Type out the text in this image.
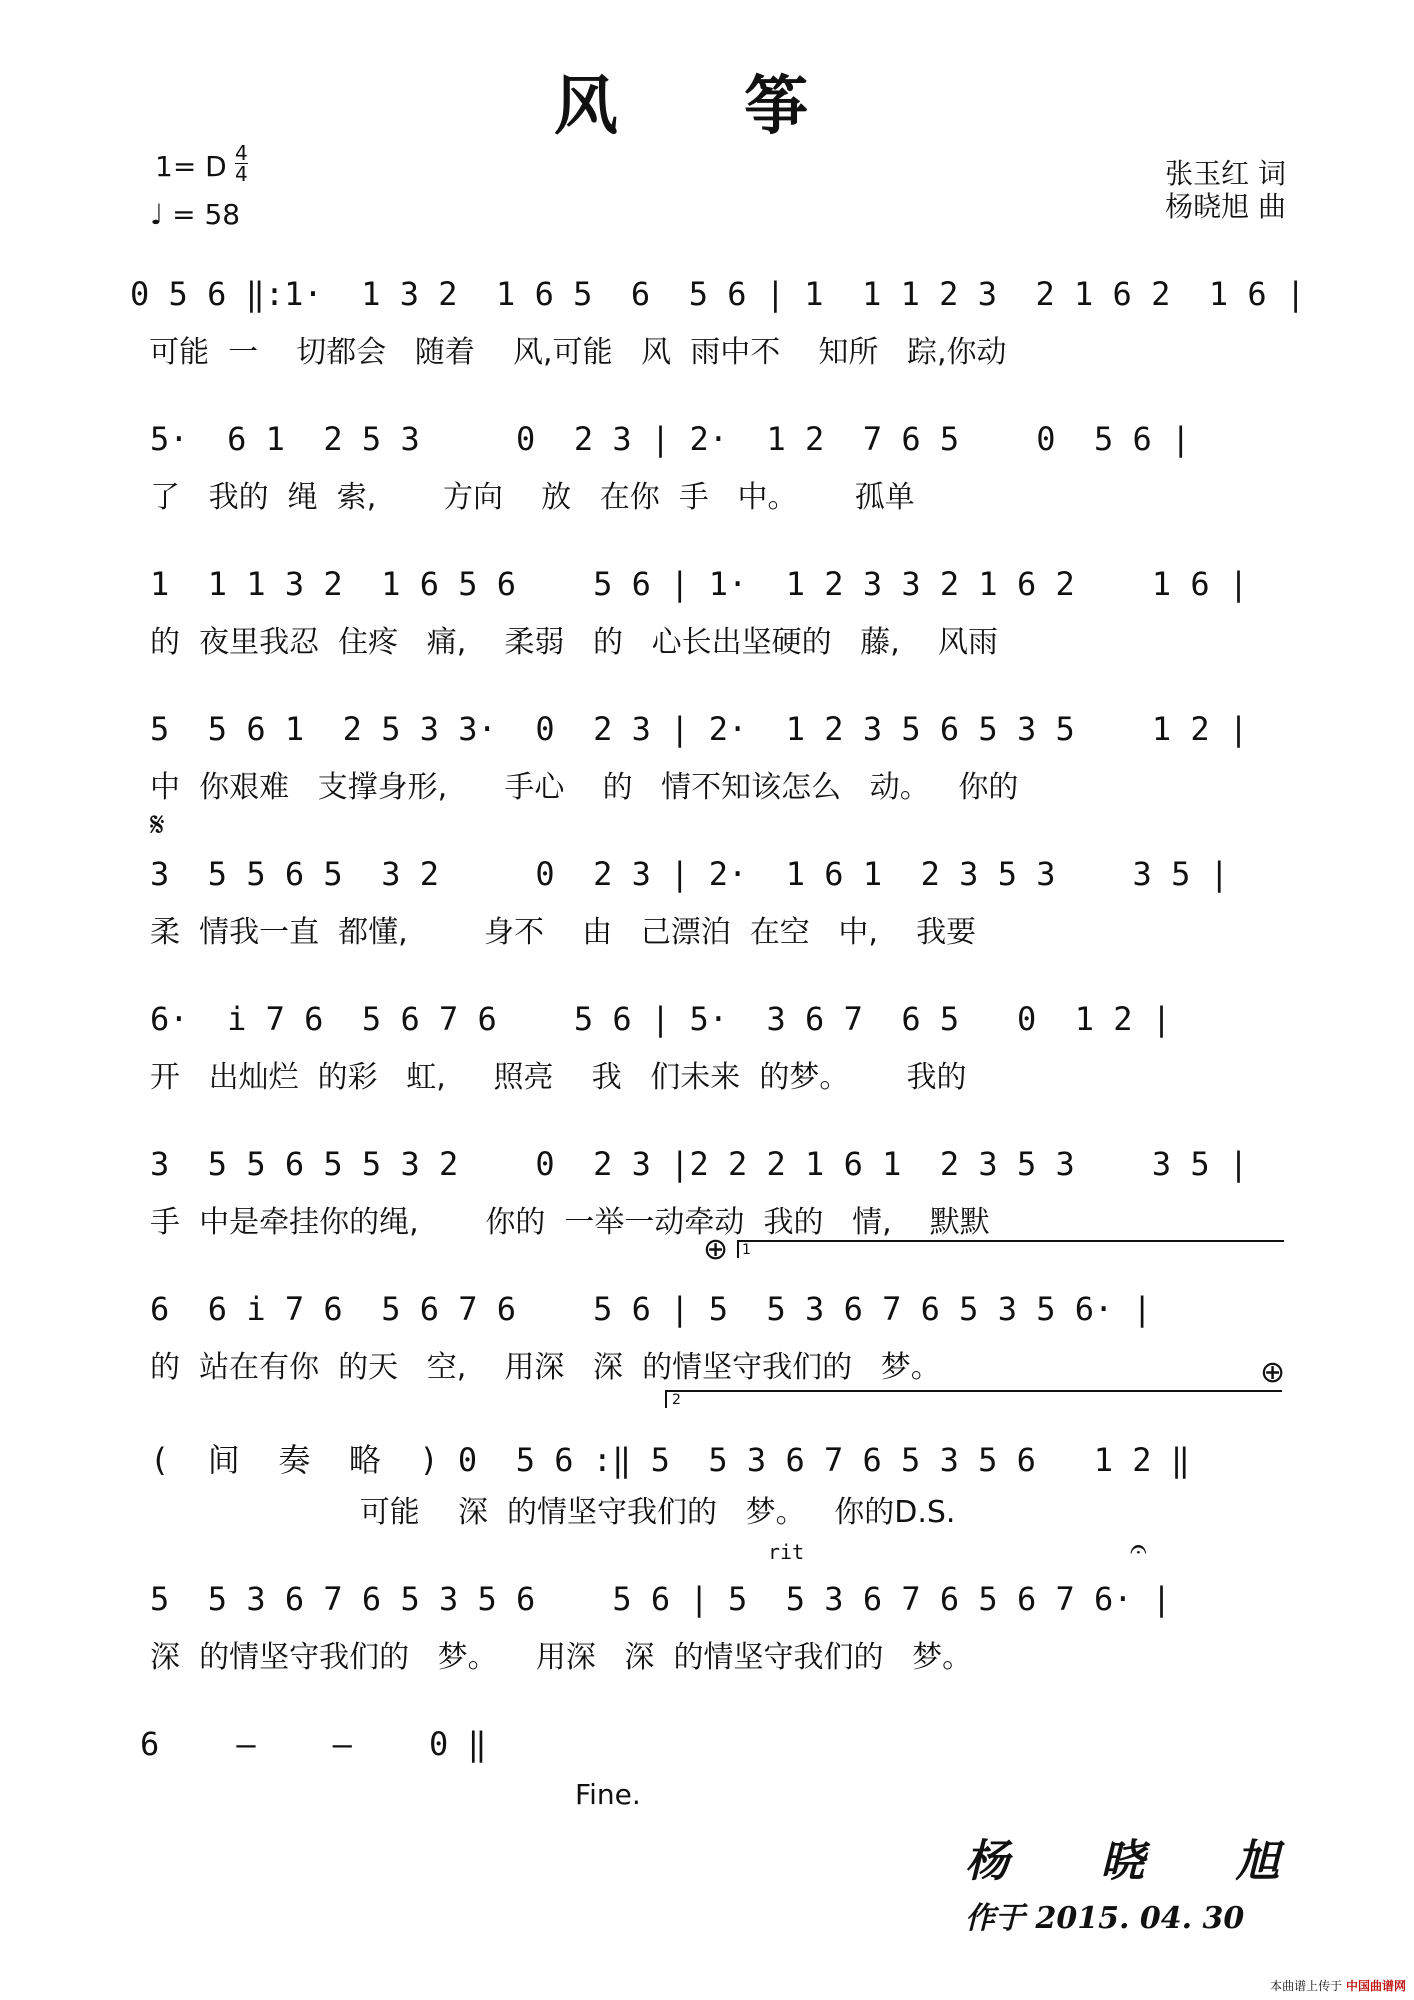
风 筝
1= D 4
4
♩ = 58
张玉红 词
杨晓旭 曲
0 5 6 ‖:1·  1 3 2  1 6 5  6  5 6 | 1  1 1 2 3  2 1 6 2  1 6 |
可能  一    切都会   随着    风,可能   风  雨中不    知所   踪,你动
5·  6 1  2 5 3     0  2 3 | 2·  1 2  7 6 5    0  5 6 |
了   我的  绳  索,       方向    放   在你  手   中。      孤单
1  1 1 3 2  1 6 5 6    5 6 | 1·  1 2 3 3 2 1 6 2    1 6 |
的  夜里我忍  住疼   痛,    柔弱   的   心长出坚硬的   藤,    风雨
5  5 6 1  2 5 3 3·  0  2 3 | 2·  1 2 3 5 6 5 3 5    1 2 |
中  你艰难   支撑身形,      手心    的   情不知该怎么   动。   你的
3  5 5 6 5  3 2     0  2 3 | 2·  1 6 1  2 3 5 3    3 5 |
柔  情我一直  都懂,        身不    由   己漂泊  在空   中,    我要
6·  i 7 6  5 6 7 6    5 6 | 5·  3 6 7  6 5   0  1 2 |
开   出灿烂  的彩   虹,     照亮    我   们未来  的梦。      我的
3  5 5 6 5 5 3 2    0  2 3 |2 2 2 1 6 1  2 3 5 3    3 5 |
手  中是牵挂你的绳,       你的  一举一动牵动  我的   情,    默默
6  6 i 7 6  5 6 7 6    5 6 | 5  5 3 6 7 6 5 3 5 6· |
的  站在有你  的天   空,    用深   深  的情坚守我们的   梦。
(  间  奏  略  ) 0  5 6 :‖ 5  5 3 6 7 6 5 3 5 6   1 2 ‖
可能    深  的情坚守我们的   梦。   你的D.S.
5  5 3 6 7 6 5 3 5 6    5 6 | 5  5 3 6 7 6 5 6 7 6· |
深  的情坚守我们的   梦。    用深   深  的情坚守我们的   梦。
6    —    —    0 ‖
𝄋
⊕ 1
⊕
2
rit	𝄐
Fine.
杨 晓 旭
作于 2015. 04. 30
本曲谱上传于 中国曲谱网
